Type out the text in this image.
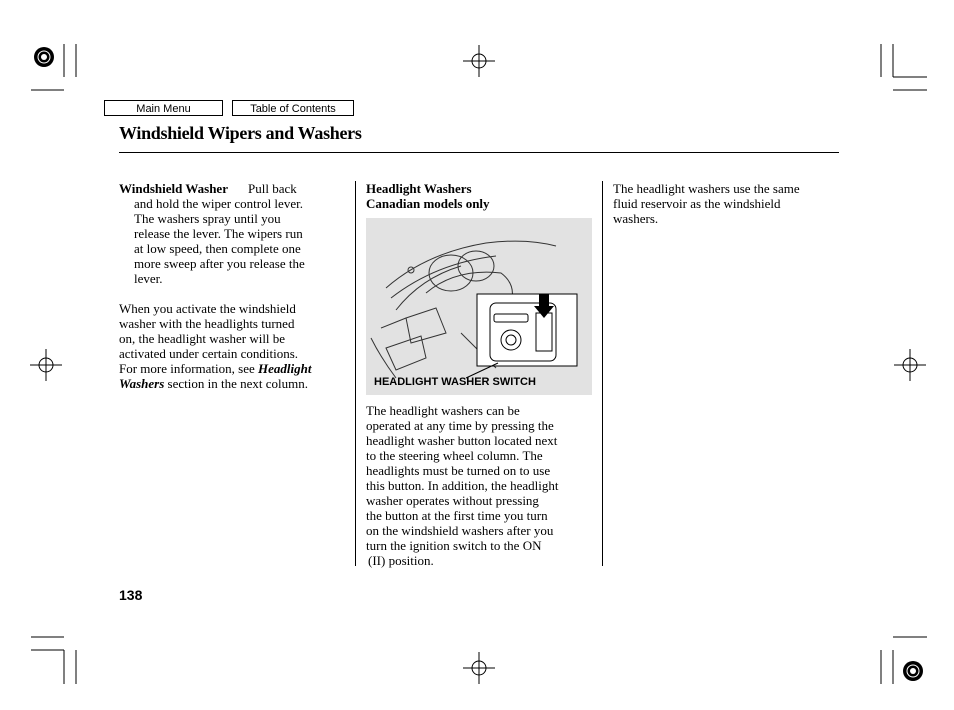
Main Menu	Table of Contents
Windshield Wipers and Washers
Windshield Washer Pull back
and hold the wiper control lever.
The washers spray until you
release the lever. The wipers run
at low speed, then complete one
more sweep after you release the
lever.
When you activate the windshield
washer with the headlights turned
on, the headlight washer will be
activated under certain conditions.
For more information, see Headlight
Washers section in the next column.
Headlight Washers
Canadian models only
HEADLIGHT WASHER SWITCH
The headlight washers can be
operated at any time by pressing the
headlight washer button located next
to the steering wheel column. The
headlights must be turned on to use
this button. In addition, the headlight
washer operates without pressing
the button at the first time you turn
on the windshield washers after you
turn the ignition switch to the ON
(II) position.
The headlight washers use the same
fluid reservoir as the windshield
washers.
138
